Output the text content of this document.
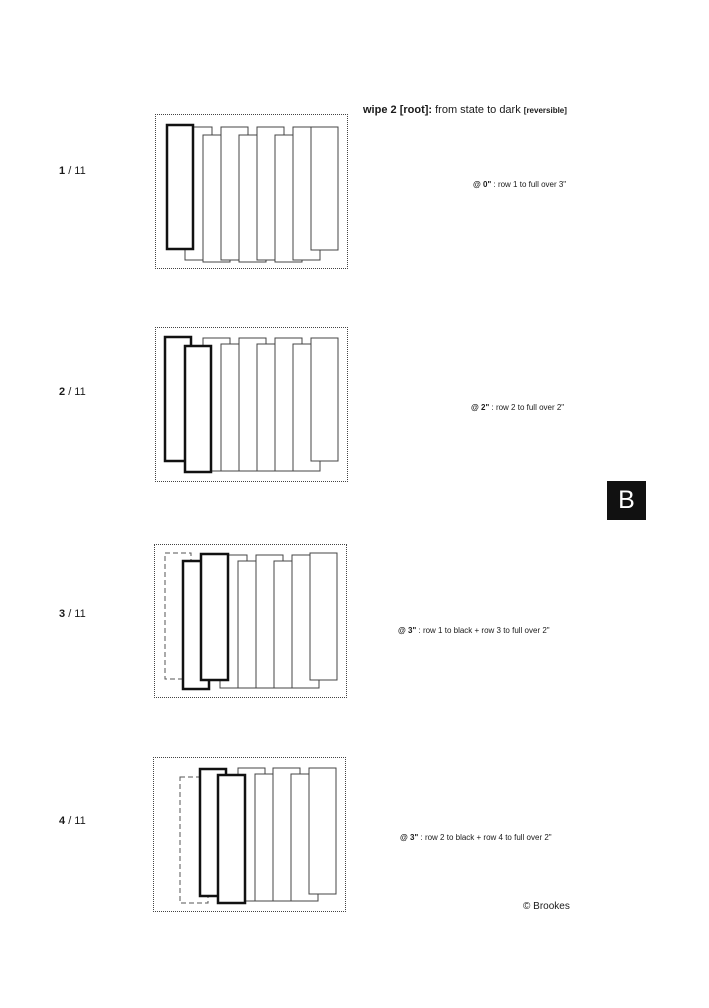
wipe 2 [root]: from state to dark [reversible]
1 / 11
@ 0" : row 1 to full over 3"
2 / 11
@ 2" : row 2 to full over 2"
B
3 / 11
@ 3" : row 1 to black + row 3 to full over 2"
4 / 11
@ 3" : row 2 to black + row 4 to full over 2"
© Brookes
